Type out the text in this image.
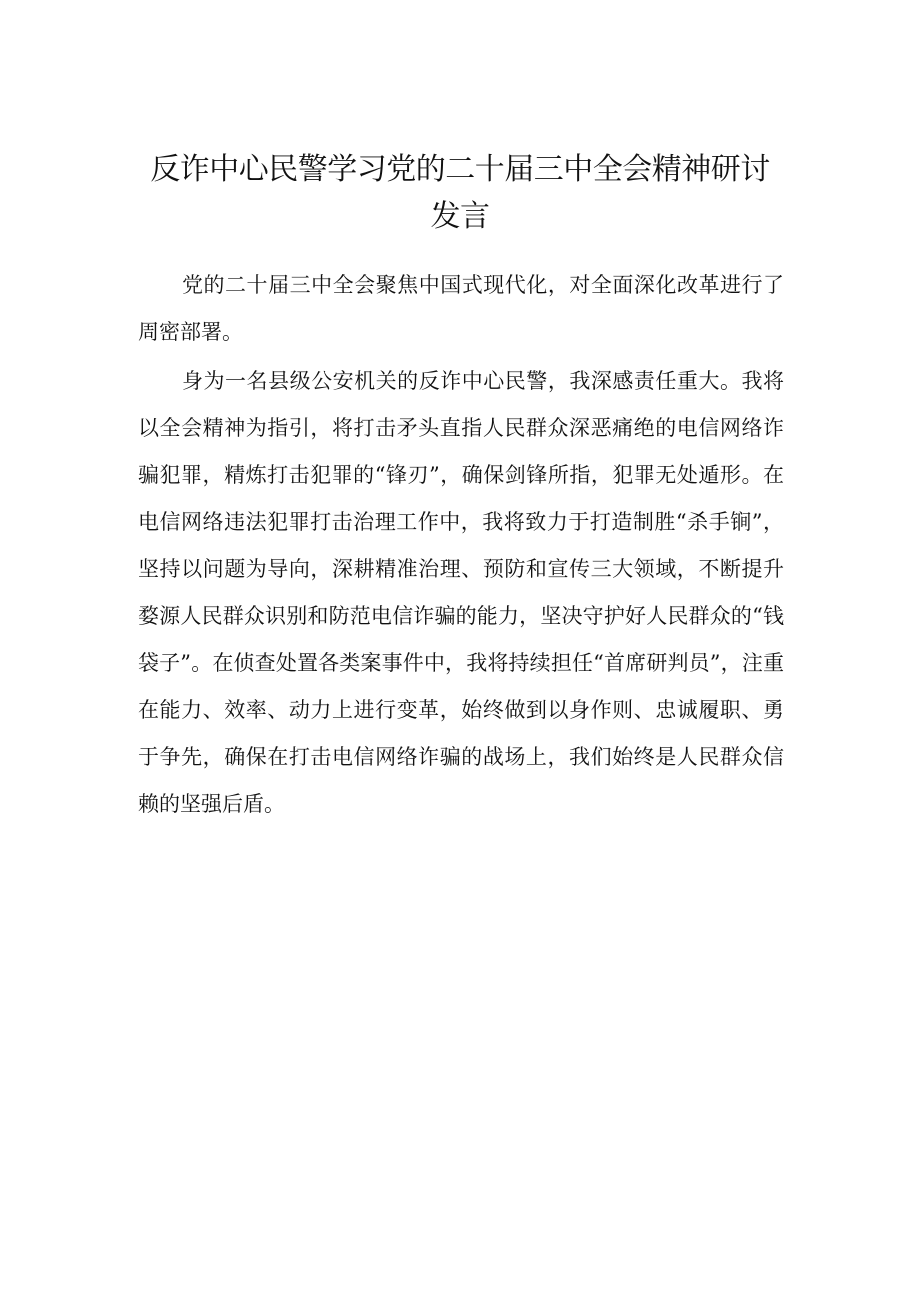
反诈中心民警学习党的二十届三中全会精神研讨发言

党的二十届三中全会聚焦中国式现代化，对全面深化改革进行了周密部署。

身为一名县级公安机关的反诈中心民警，我深感责任重大。我将以全会精神为指引，将打击矛头直指人民群众深恶痛绝的电信网络诈骗犯罪，精炼打击犯罪的“锋刃”，确保剑锋所指，犯罪无处遁形。在电信网络违法犯罪打击治理工作中，我将致力于打造制胜“杀手锏”，坚持以问题为导向，深耕精准治理、预防和宣传三大领域，不断提升婺源人民群众识别和防范电信诈骗的能力，坚决守护好人民群众的“钱袋子”。在侦查处置各类案事件中，我将持续担任“首席研判员”，注重在能力、效率、动力上进行变革，始终做到以身作则、忠诚履职、勇于争先，确保在打击电信网络诈骗的战场上，我们始终是人民群众信赖的坚强后盾。
